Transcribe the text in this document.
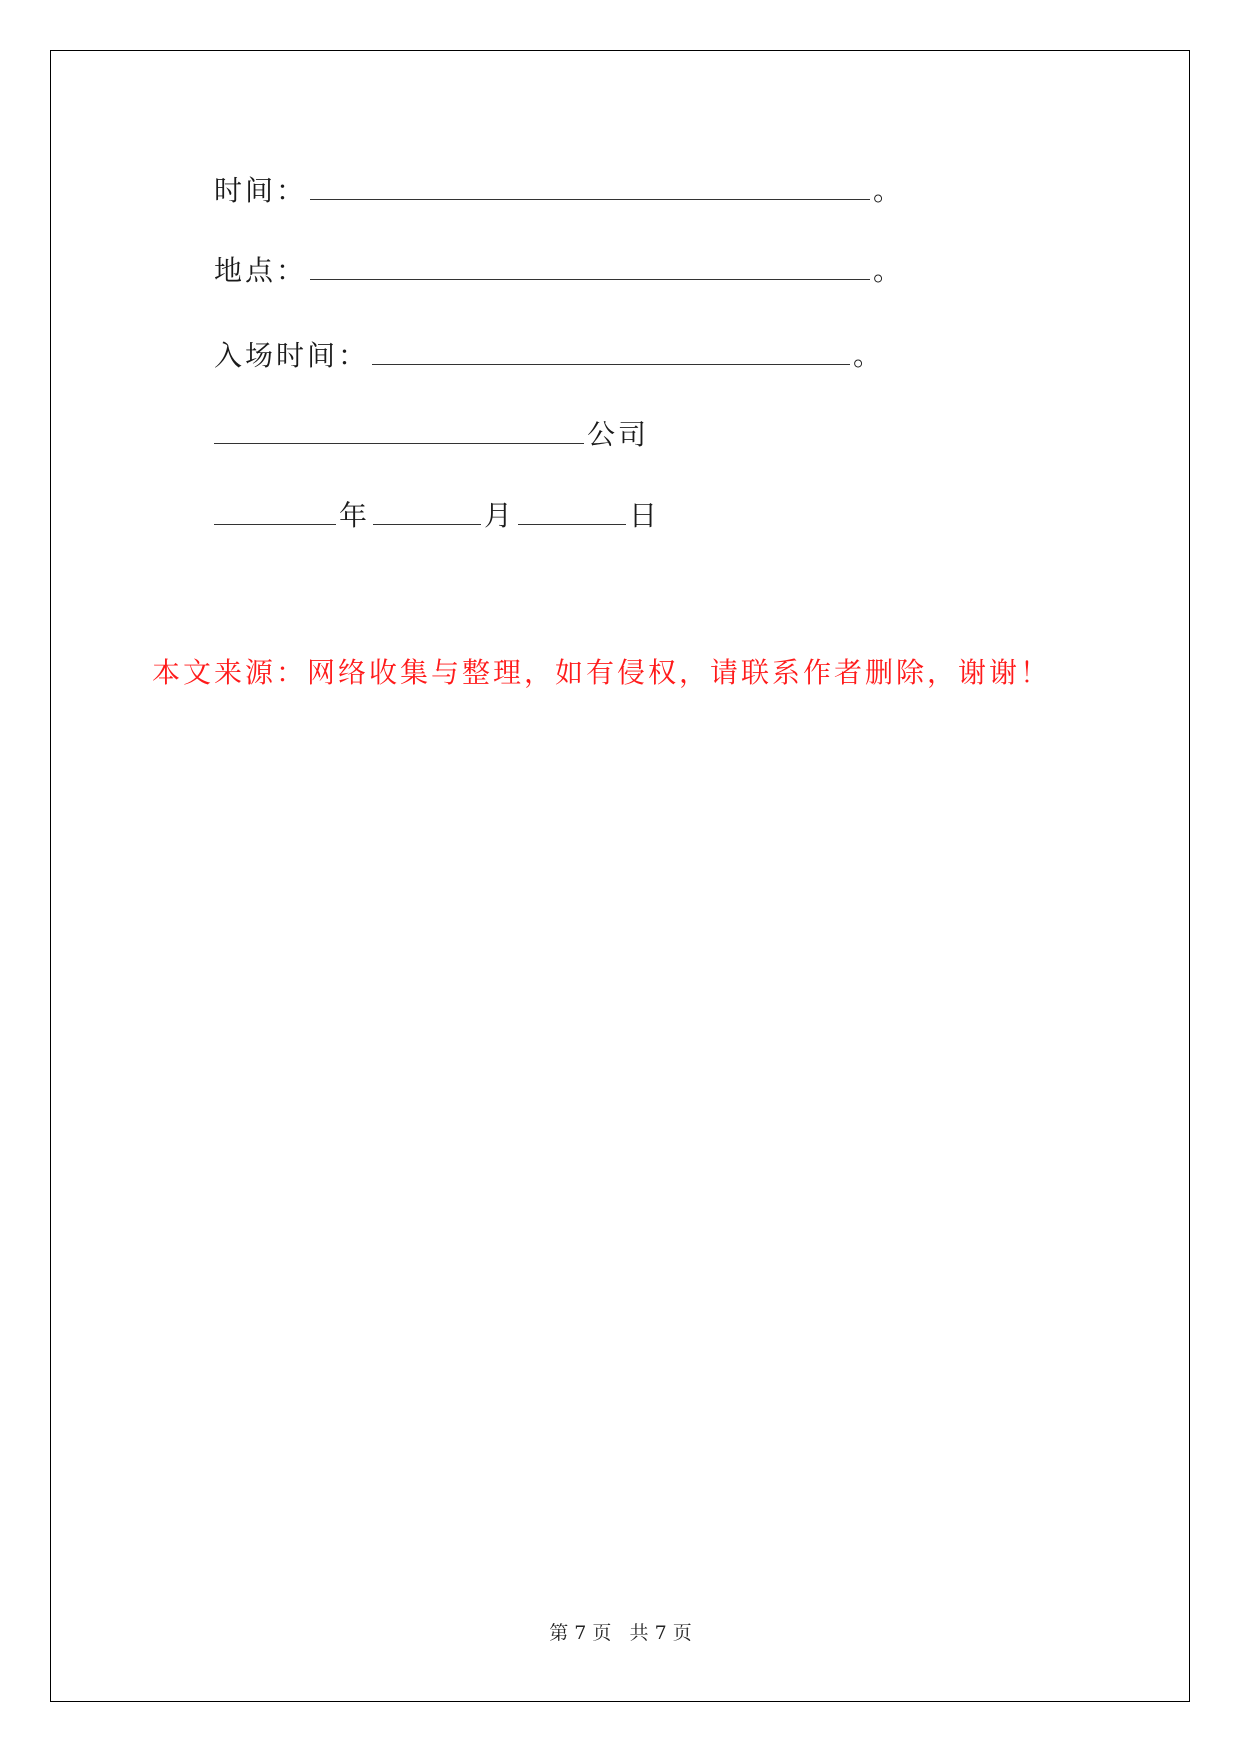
时间：	。
地点：	。
入场时间：	。
公司
年	月	日
本文来源：网络收集与整理，如有侵权，请联系作者删除，谢谢！
第 7 页   共 7 页
